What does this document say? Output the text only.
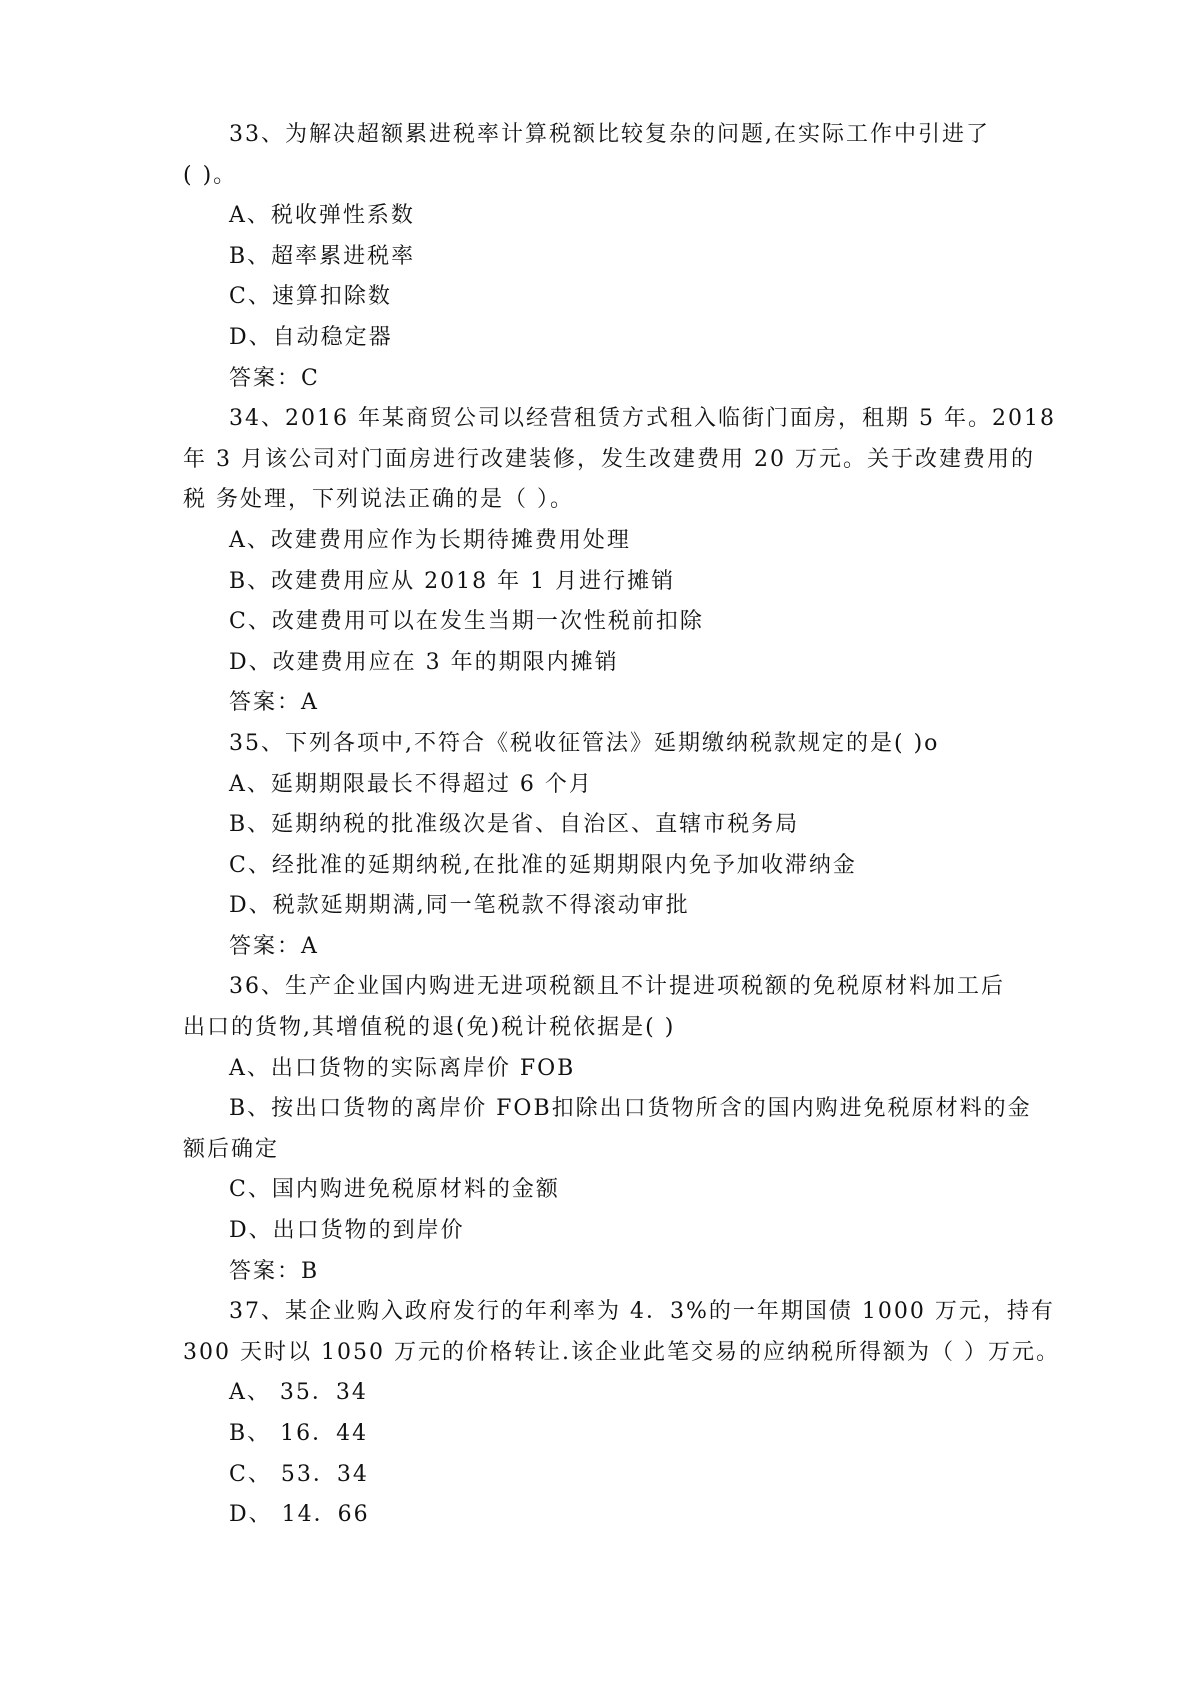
33、为解决超额累进税率计算税额比较复杂的问题,在实际工作中引进了
( )。
A、税收弹性系数
B、超率累进税率
C、速算扣除数
D、自动稳定器
答案：C
34、2016 年某商贸公司以经营租赁方式租入临街门面房，租期 5 年。2018
年 3 月该公司对门面房进行改建装修，发生改建费用 20 万元。关于改建费用的
税 务处理，下列说法正确的是（ ）。
A、改建费用应作为长期待摊费用处理
B、改建费用应从 2018 年 1 月进行摊销
C、改建费用可以在发生当期一次性税前扣除
D、改建费用应在 3 年的期限内摊销
答案：A
35、下列各项中,不符合《税收征管法》延期缴纳税款规定的是( )o
A、延期期限最长不得超过 6 个月
B、延期纳税的批准级次是省、自治区、直辖市税务局
C、经批准的延期纳税,在批准的延期期限内免予加收滞纳金
D、税款延期期满,同一笔税款不得滚动审批
答案：A
36、生产企业国内购进无进项税额且不计提进项税额的免税原材料加工后
出口的货物,其增值税的退(免)税计税依据是( )
A、出口货物的实际离岸价 FOB
B、按出口货物的离岸价 FOB扣除出口货物所含的国内购进免税原材料的金
额后确定
C、国内购进免税原材料的金额
D、出口货物的到岸价
答案：B
37、某企业购入政府发行的年利率为 4．3%的一年期国债 1000 万元，持有
300 天时以 1050 万元的价格转让.该企业此笔交易的应纳税所得额为（ ）万元。
A、 35．34
B、 16．44
C、 53．34
D、 14．66
